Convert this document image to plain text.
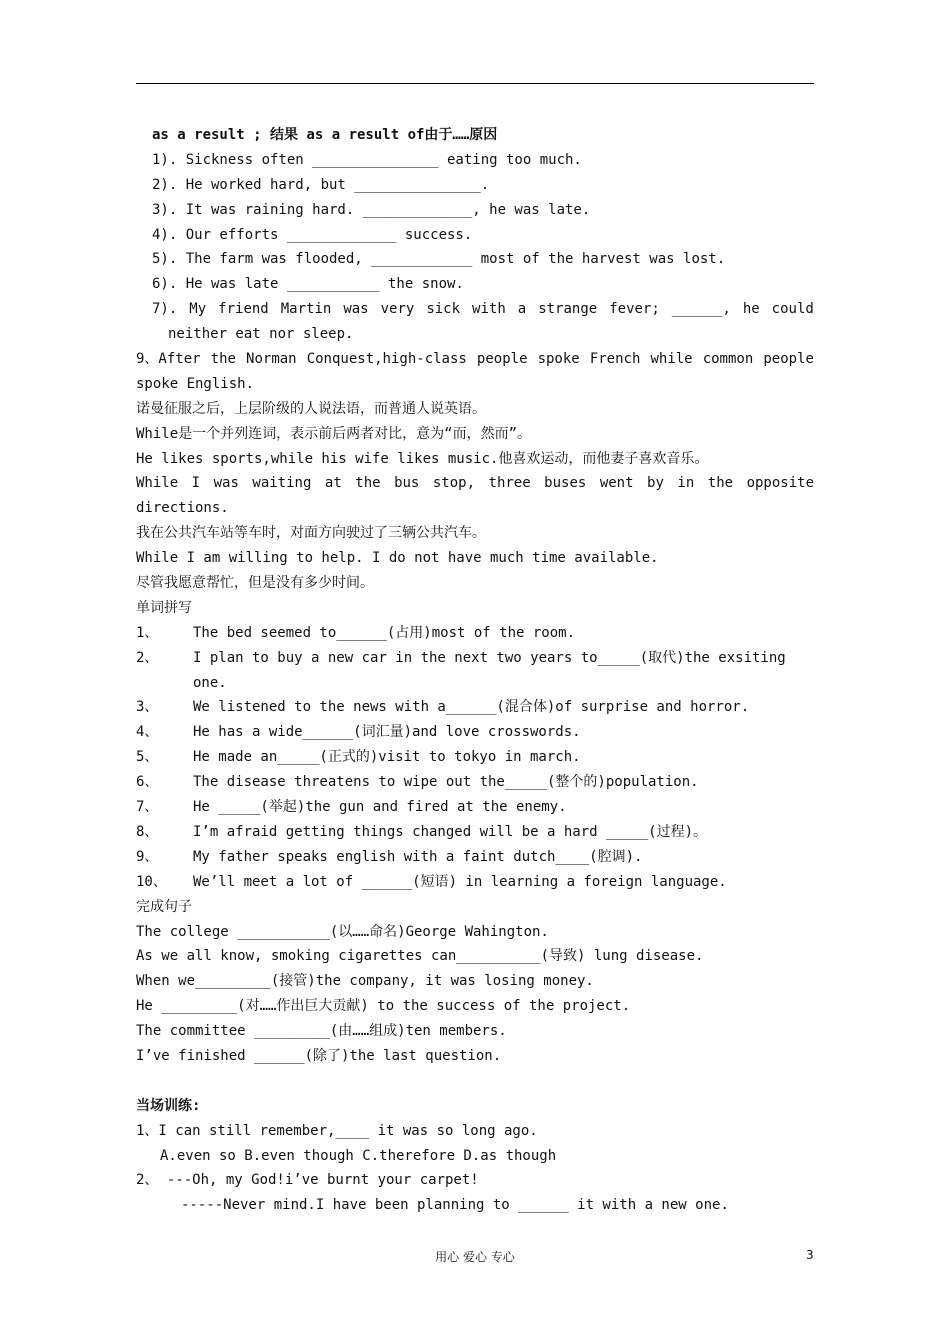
as a result ; 结果 as a result of由于……原因
1). Sickness often _______________ eating too much.
2). He worked hard, but _______________.
3). It was raining hard. _____________, he was late.
4). Our efforts _____________ success.
5). The farm was flooded, ____________ most of the harvest was lost.
6). He was late ___________ the snow.
7). My friend Martin was very sick with a strange fever; ______, he could
neither eat nor sleep.
9、After the Norman Conquest,high-class people spoke French while common people
spoke English.
诺曼征服之后，上层阶级的人说法语，而普通人说英语。
While是一个并列连词，表示前后两者对比，意为“而，然而”。
He likes sports,while his wife likes music.他喜欢运动，而他妻子喜欢音乐。
While I was waiting at the bus stop, three buses went by in the opposite
directions.
我在公共汽车站等车时，对面方向驶过了三辆公共汽车。
While I am willing to help. I do not have much time available.
尽管我愿意帮忙，但是没有多少时间。
单词拼写
1、 The bed seemed to______(占用)most of the room.
2、 I plan to buy a new car in the next two years to_____(取代)the exsiting
one.
3、 We listened to the news with a______(混合体)of surprise and horror.
4、 He has a wide______(词汇量)and love crosswords.
5、 He made an_____(正式的)visit to tokyo in march.
6、 The disease threatens to wipe out the_____(整个的)population.
7、 He _____(举起)the gun and fired at the enemy.
8、 I’m afraid getting things changed will be a hard _____(过程)。
9、 My father speaks english with a faint dutch____(腔调).
10、 We’ll meet a lot of ______(短语) in learning a foreign language.
完成句子
The college ___________(以……命名)George Wahington.
As we all know, smoking cigarettes can__________(导致) lung disease.
When we_________(接管)the company, it was losing money.
He _________(对……作出巨大贡献) to the success of the project.
The committee _________(由……组成)ten members.
I’ve finished ______(除了)the last question.
当场训练:
1、I can still remember,____ it was so long ago.
A.even so B.even though C.therefore D.as though
2、 ---Oh, my God!i’ve burnt your carpet!
-----Never mind.I have been planning to ______ it with a new one.
用心 爱心 专心	3
